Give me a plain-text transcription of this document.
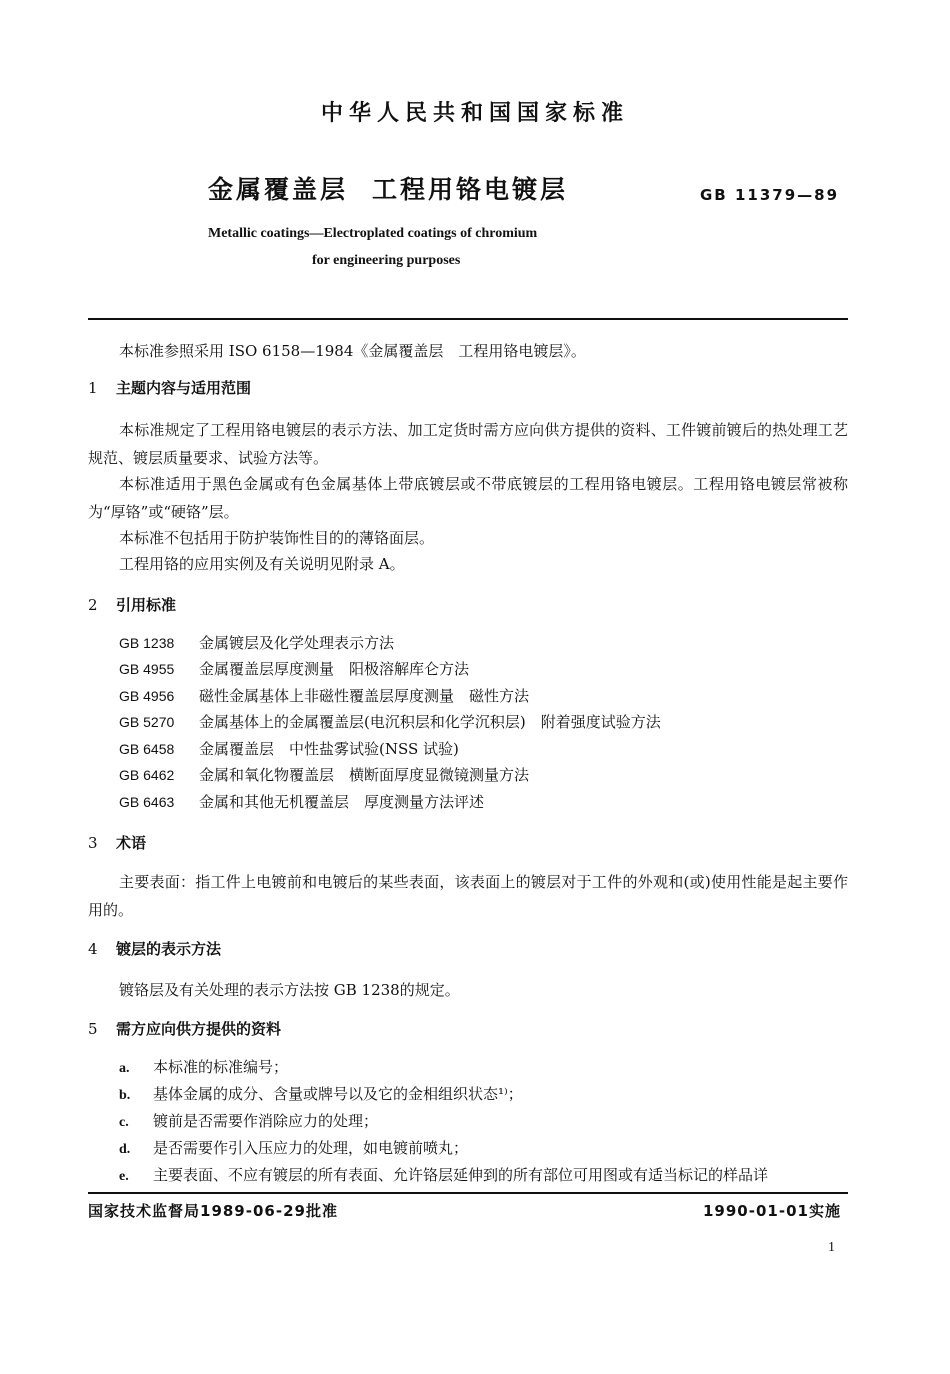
中华人民共和国国家标准
金属覆盖层 工程用铬电镀层	GB 11379—89
Metallic coatings—Electroplated coatings of chromium
for engineering purposes
本标准参照采用 ISO 6158—1984《金属覆盖层　工程用铬电镀层》。
1 主题内容与适用范围
本标准规定了工程用铬电镀层的表示方法、加工定货时需方应向供方提供的资料、工件镀前镀后的热处理工艺规范、镀层质量要求、试验方法等。
本标准适用于黑色金属或有色金属基体上带底镀层或不带底镀层的工程用铬电镀层。工程用铬电镀层常被称为“厚铬”或“硬铬”层。
本标准不包括用于防护装饰性目的的薄铬面层。
工程用铬的应用实例及有关说明见附录 A。
2 引用标准
GB 1238 金属镀层及化学处理表示方法
GB 4955 金属覆盖层厚度测量　阳极溶解库仑方法
GB 4956 磁性金属基体上非磁性覆盖层厚度测量　磁性方法
GB 5270 金属基体上的金属覆盖层(电沉积层和化学沉积层)　附着强度试验方法
GB 6458 金属覆盖层　中性盐雾试验(NSS 试验)
GB 6462 金属和氧化物覆盖层　横断面厚度显微镜测量方法
GB 6463 金属和其他无机覆盖层　厚度测量方法评述
3 术语
主要表面：指工件上电镀前和电镀后的某些表面，该表面上的镀层对于工件的外观和(或)使用性能是起主要作用的。
4 镀层的表示方法
镀铬层及有关处理的表示方法按 GB 1238的规定。
5 需方应向供方提供的资料
a. 本标准的标准编号；
b. 基体金属的成分、含量或牌号以及它的金相组织状态¹⁾；
c. 镀前是否需要作消除应力的处理；
d. 是否需要作引入压应力的处理，如电镀前喷丸；
e. 主要表面、不应有镀层的所有表面、允许铬层延伸到的所有部位可用图或有适当标记的样品详
国家技术监督局1989-06-29批准	1990-01-01实施
1
